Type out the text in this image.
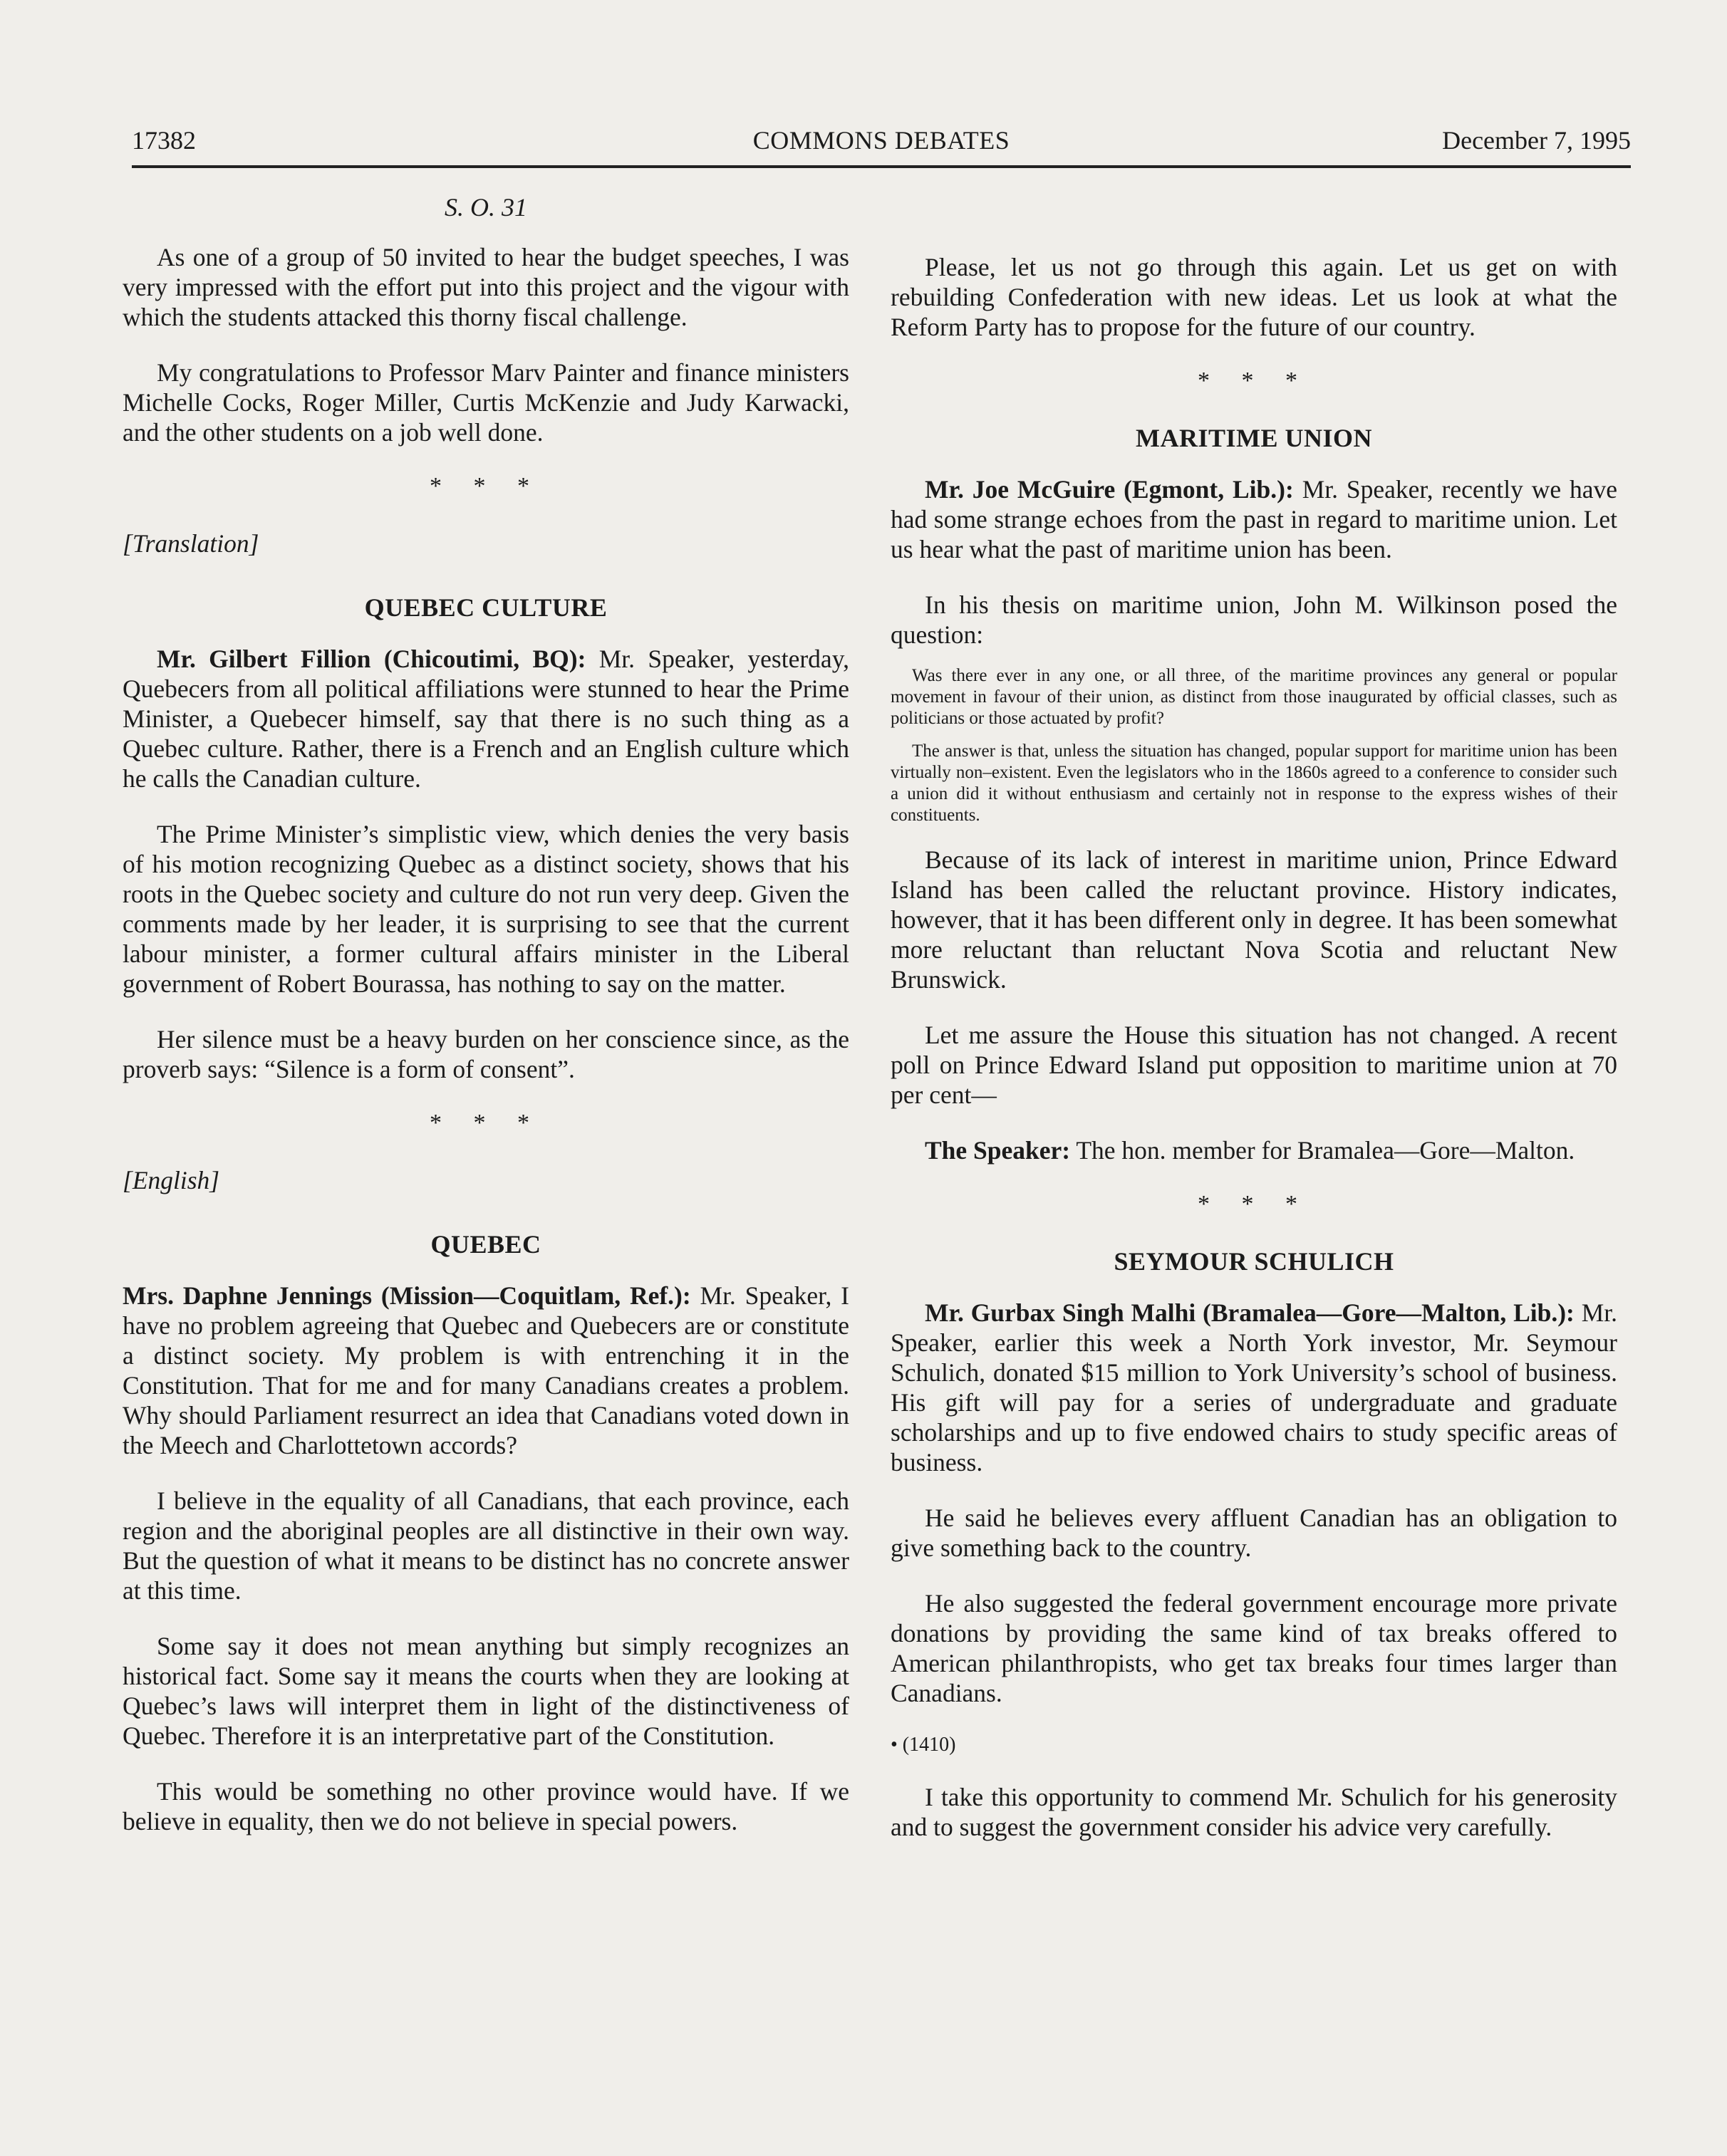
17382	COMMONS DEBATES	December 7, 1995
S. O. 31

As one of a group of 50 invited to hear the budget speeches, I was very impressed with the effort put into this project and the vigour with which the students attacked this thorny fiscal challenge.

My congratulations to Professor Marv Painter and finance ministers Michelle Cocks, Roger Miller, Curtis McKenzie and Judy Karwacki, and the other students on a job well done.

* * *
[Translation]
QUEBEC CULTURE

Mr. Gilbert Fillion (Chicoutimi, BQ): Mr. Speaker, yesterday, Quebecers from all political affiliations were stunned to hear the Prime Minister, a Quebecer himself, say that there is no such thing as a Quebec culture. Rather, there is a French and an English culture which he calls the Canadian culture.

The Prime Minister’s simplistic view, which denies the very basis of his motion recognizing Quebec as a distinct society, shows that his roots in the Quebec society and culture do not run very deep. Given the comments made by her leader, it is surprising to see that the current labour minister, a former cultural affairs minister in the Liberal government of Robert Bourassa, has nothing to say on the matter.

Her silence must be a heavy burden on her conscience since, as the proverb says: “Silence is a form of consent”.

* * *
[English]
QUEBEC

Mrs. Daphne Jennings (Mission—Coquitlam, Ref.): Mr. Speaker, I have no problem agreeing that Quebec and Quebecers are or constitute a distinct society. My problem is with entrenching it in the Constitution. That for me and for many Canadians creates a problem. Why should Parliament resurrect an idea that Canadians voted down in the Meech and Charlottetown accords?

I believe in the equality of all Canadians, that each province, each region and the aboriginal peoples are all distinctive in their own way. But the question of what it means to be distinct has no concrete answer at this time.

Some say it does not mean anything but simply recognizes an historical fact. Some say it means the courts when they are looking at Quebec’s laws will interpret them in light of the distinctiveness of Quebec. Therefore it is an interpretative part of the Constitution.

This would be something no other province would have. If we believe in equality, then we do not believe in special powers.

Please, let us not go through this again. Let us get on with rebuilding Confederation with new ideas. Let us look at what the Reform Party has to propose for the future of our country.

* * *
MARITIME UNION

Mr. Joe McGuire (Egmont, Lib.): Mr. Speaker, recently we have had some strange echoes from the past in regard to maritime union. Let us hear what the past of maritime union has been.

In his thesis on maritime union, John M. Wilkinson posed the question:

Was there ever in any one, or all three, of the maritime provinces any general or popular movement in favour of their union, as distinct from those inaugurated by official classes, such as politicians or those actuated by profit?
The answer is that, unless the situation has changed, popular support for maritime union has been virtually non–existent. Even the legislators who in the 1860s agreed to a conference to consider such a union did it without enthusiasm and certainly not in response to the express wishes of their constituents.

Because of its lack of interest in maritime union, Prince Edward Island has been called the reluctant province. History indicates, however, that it has been different only in degree. It has been somewhat more reluctant than reluctant Nova Scotia and reluctant New Brunswick.

Let me assure the House this situation has not changed. A recent poll on Prince Edward Island put opposition to maritime union at 70 per cent—

The Speaker: The hon. member for Bramalea—Gore—Malton.

* * *
SEYMOUR SCHULICH

Mr. Gurbax Singh Malhi (Bramalea—Gore—Malton, Lib.): Mr. Speaker, earlier this week a North York investor, Mr. Seymour Schulich, donated $15 million to York University’s school of business. His gift will pay for a series of undergraduate and graduate scholarships and up to five endowed chairs to study specific areas of business.

He said he believes every affluent Canadian has an obligation to give something back to the country.

He also suggested the federal government encourage more private donations by providing the same kind of tax breaks offered to American philanthropists, who get tax breaks four times larger than Canadians.

• (1410)

I take this opportunity to commend Mr. Schulich for his generosity and to suggest the government consider his advice very carefully.
